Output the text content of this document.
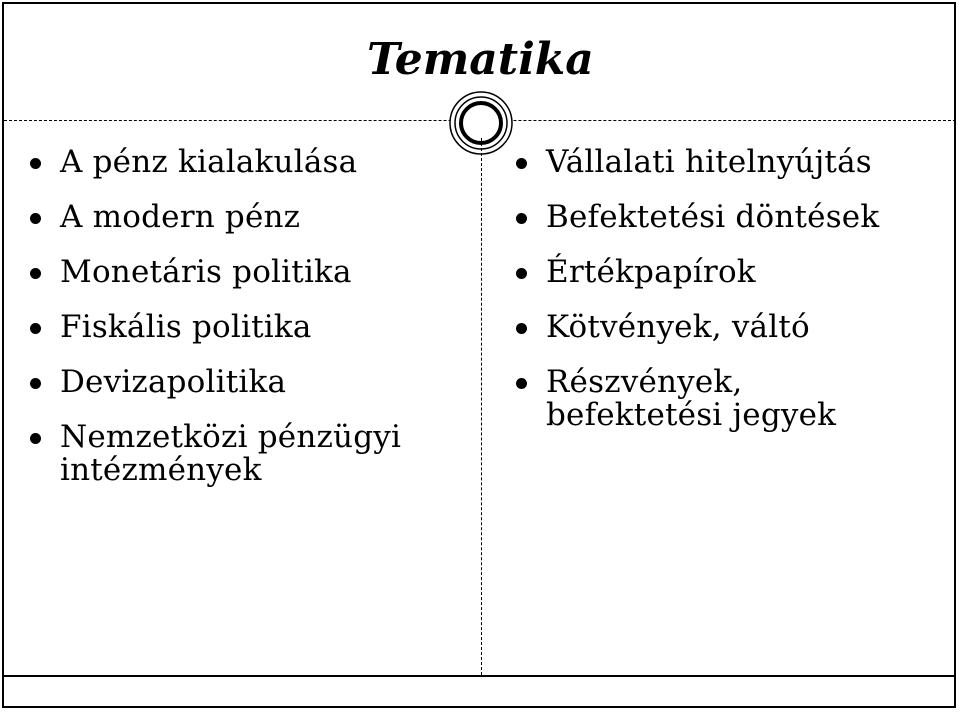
Tematika
A pénz kialakulása
A modern pénz
Monetáris politika
Fiskális politika
Devizapolitika
Nemzetközi pénzügyi intézmények
Vállalati hitelnyújtás
Befektetési döntések
Értékpapírok
Kötvények, váltó
Részvények, befektetési jegyek
